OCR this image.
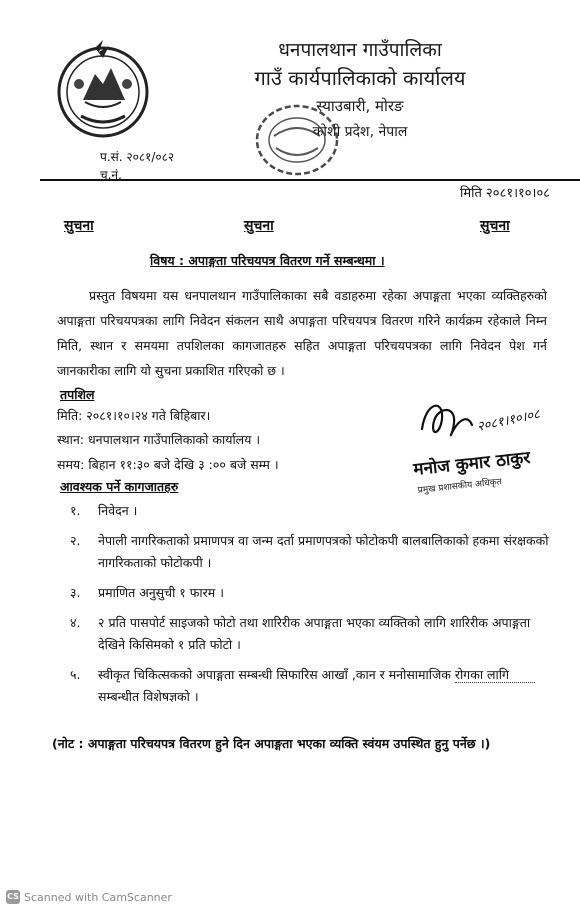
धनपालथान गाउँपालिका
गाउँ कार्यपालिकाको कार्यालय
स्याउबारी, मोरङ
कोशी प्रदेश, नेपाल
प.सं. २०८१/०८२
च.नं.
मिति २०८१।१०।०८
सुचना	सुचना	सुचना
विषय : अपाङ्गता परिचयपत्र वितरण गर्ने सम्बन्धमा ।

प्रस्तुत विषयमा यस धनपालथान गाउँपालिकाका सबै वडाहरुमा रहेका अपाङ्गता भएका व्यक्तिहरुको अपाङ्गता परिचयपत्रका लागि निवेदन संकलन साथै अपाङ्गता परिचयपत्र वितरण गरिने कार्यक्रम रहेकाले निम्न मिति, स्थान र समयमा तपशिलका कागजातहरु सहित अपाङ्गता परिचयपत्रका लागि निवेदन पेश गर्न जानकारीका लागि यो सुचना प्रकाशित गरिएको छ ।

तपशिल
मिति: २०८१।१०।२४ गते बिहिबार।
स्थान: धनपालथान गाउँपालिकाको कार्यालय ।
समय: बिहान ११:३० बजे देखि ३ :०० बजे सम्म ।
२०८१।१०।०८
मनोज कुमार ठाकुर
प्रमुख प्रशासकीय अधिकृत
आवश्यक पर्ने कागजातहरु
१.	निवेदन ।
२.	नेपाली नागरिकताको प्रमाणपत्र वा जन्म दर्ता प्रमाणपत्रको फोटोकपी बालबालिकाको हकमा संरक्षकको नागरिकताको फोटोकपी ।
३.	प्रमाणित अनुसुची १ फारम ।
४.	२ प्रति पासपोर्ट साइजको फोटो तथा शारिरीक अपाङ्गता भएका व्यक्तिको लागि शारिरीक अपाङ्गता देखिने किसिमको १ प्रति फोटो ।
५.	स्वीकृत चिकित्सकको अपाङ्गता सम्बन्धी सिफारिस आखाँ ,कान र मनोसामाजिक रोगका लागि सम्बन्धीत विशेषज्ञको ।
(नोट : अपाङ्गता परिचयपत्र वितरण हुने दिन अपाङ्गता भएका व्यक्ति स्वंयम उपस्थित हुनु पर्नेछ ।)
CS Scanned with CamScanner
